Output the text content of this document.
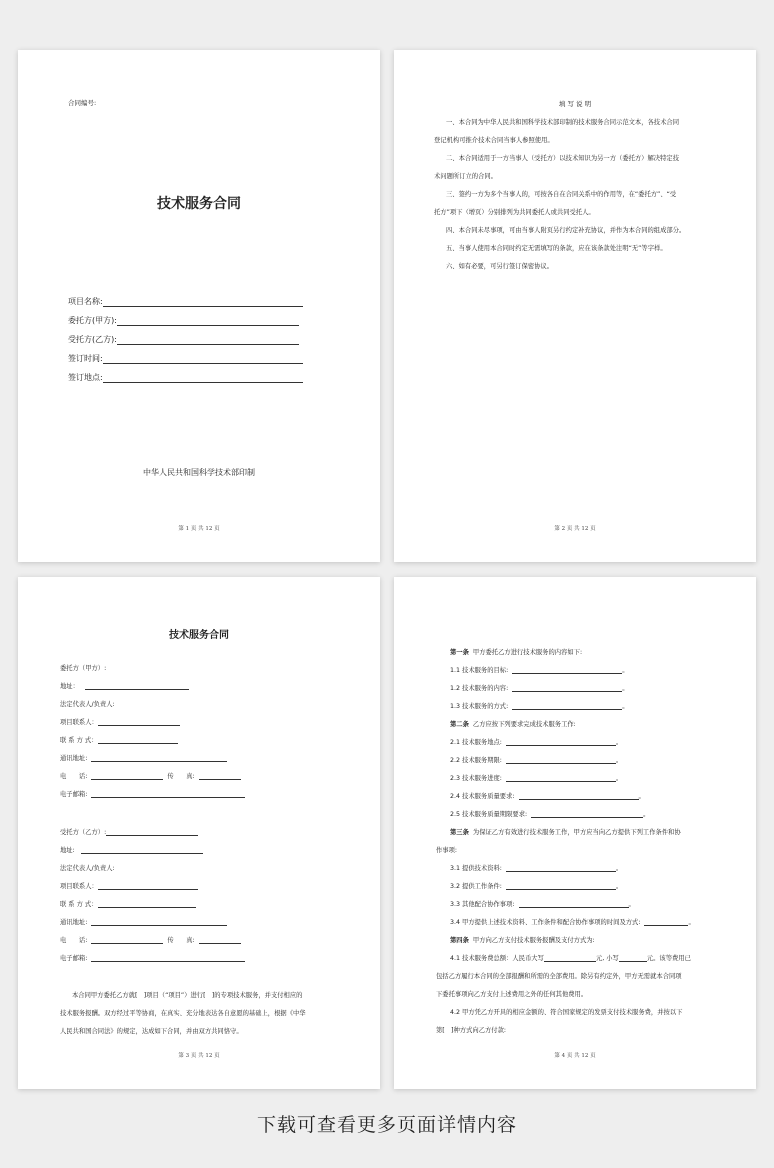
合同编号:
技术服务合同
项目名称:
委托方(甲方):
受托方(乙方):
签订时间:
签订地点:
中华人民共和国科学技术部印制
第 1 页 共 12 页
填 写 说 明
一、本合同为中华人民共和国科学技术部印制的技术服务合同示范文本，各技术合同
登记机构可推介技术合同当事人参照使用。
二、本合同适用于一方当事人（受托方）以技术知识为另一方（委托方）解决特定技
术问题所订立的合同。
三、签约一方为多个当事人的，可按各自在合同关系中的作用等，在“委托方”、“受
托方”项下（增页）分别排列为共同委托人或共同受托人。
四、本合同未尽事项，可由当事人附页另行约定补充协议，并作为本合同的组成部分。
五、当事人使用本合同时约定无需填写的条款，应在该条款处注明“无”等字样。
六、如有必要，可另行签订保密协议。
第 2 页 共 12 页
技术服务合同
委托方（甲方）:
地址：
法定代表人/负责人:
项目联系人：
联 系 方 式：
通讯地址:
电　　话:	传　　真:
电子邮箱:
受托方（乙方）:
地址:
法定代表人/负责人:
项目联系人：
联 系 方 式：
通讯地址:
电　　话:	传　　真:
电子邮箱:
本合同甲方委托乙方就[　]项目（“项目”）进行[　]的专项技术服务，并支付相应的
技术服务报酬。双方经过平等协商，在真实、充分地表达各自意愿的基础上，根据《中华
人民共和国合同法》的规定，达成如下合同，并由双方共同恪守。
第 3 页 共 12 页
第一条 甲方委托乙方进行技术服务的内容如下:
1.1 技术服务的目标:	。
1.2 技术服务的内容:	。
1.3 技术服务的方式:	。
第二条 乙方应按下列要求完成技术服务工作:
2.1 技术服务地点:	。
2.2 技术服务期限:	。
2.3 技术服务进度:	。
2.4 技术服务质量要求:	。
2.5 技术服务质量期限要求:	。
第三条 为保证乙方有效进行技术服务工作，甲方应当向乙方提供下列工作条件和协
作事项:
3.1 提供技术资料:	。
3.2 提供工作条件:	。
3.3 其他配合协作事项:	。
3.4 甲方提供上述技术资料、工作条件和配合协作事项的时间及方式:	。
第四条 甲方向乙方支付技术服务报酬及支付方式为:
4.1 技术服务费总额：人民币大写	元, 小写	元。该等费用已
包括乙方履行本合同的全部报酬和所需的全部费用。除另有约定外，甲方无需就本合同项
下委托事项向乙方支付上述费用之外的任何其他费用。
4.2 甲方凭乙方开具的相应金额的、符合国家规定的发票支付技术服务费，并按以下
第[　]种方式向乙方付款:
第 4 页 共 12 页
下载可查看更多页面详情内容
